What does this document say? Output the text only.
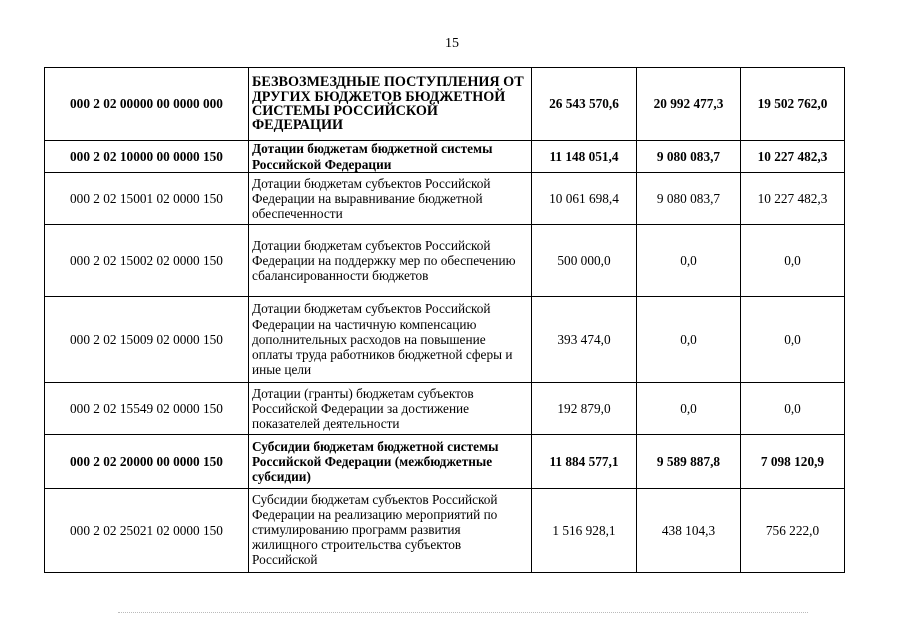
15
000 2 02 00000 00 0000 000	БЕЗВОЗМЕЗДНЫЕ ПОСТУПЛЕНИЯ ОТ ДРУГИХ БЮДЖЕТОВ БЮДЖЕТНОЙ СИСТЕМЫ РОССИЙСКОЙ ФЕДЕРАЦИИ	26 543 570,6	20 992 477,3	19 502 762,0
000 2 02 10000 00 0000 150	Дотации бюджетам бюджетной системы Российской Федерации	11 148 051,4	9 080 083,7	10 227 482,3
000 2 02 15001 02 0000 150	Дотации бюджетам субъектов Российской Федерации на выравнивание бюджетной обеспеченности	10 061 698,4	9 080 083,7	10 227 482,3
000 2 02 15002 02 0000 150	Дотации бюджетам субъектов Российской Федерации на поддержку мер по обеспечению сбалансированности бюджетов	500 000,0	0,0	0,0
000 2 02 15009 02 0000 150	Дотации бюджетам субъектов Российской Федерации на частичную компенсацию дополнительных расходов на повышение оплаты труда работников бюджетной сферы и иные цели	393 474,0	0,0	0,0
000 2 02 15549 02 0000 150	Дотации (гранты) бюджетам субъектов Российской Федерации за достижение показателей деятельности	192 879,0	0,0	0,0
000 2 02 20000 00 0000 150	Субсидии бюджетам бюджетной системы Российской Федерации (межбюджетные субсидии)	11 884 577,1	9 589 887,8	7 098 120,9
000 2 02 25021 02 0000 150	Субсидии бюджетам субъектов Российской Федерации на реализацию мероприятий по стимулированию программ развития жилищного строительства субъектов Российской	1 516 928,1	438 104,3	756 222,0
